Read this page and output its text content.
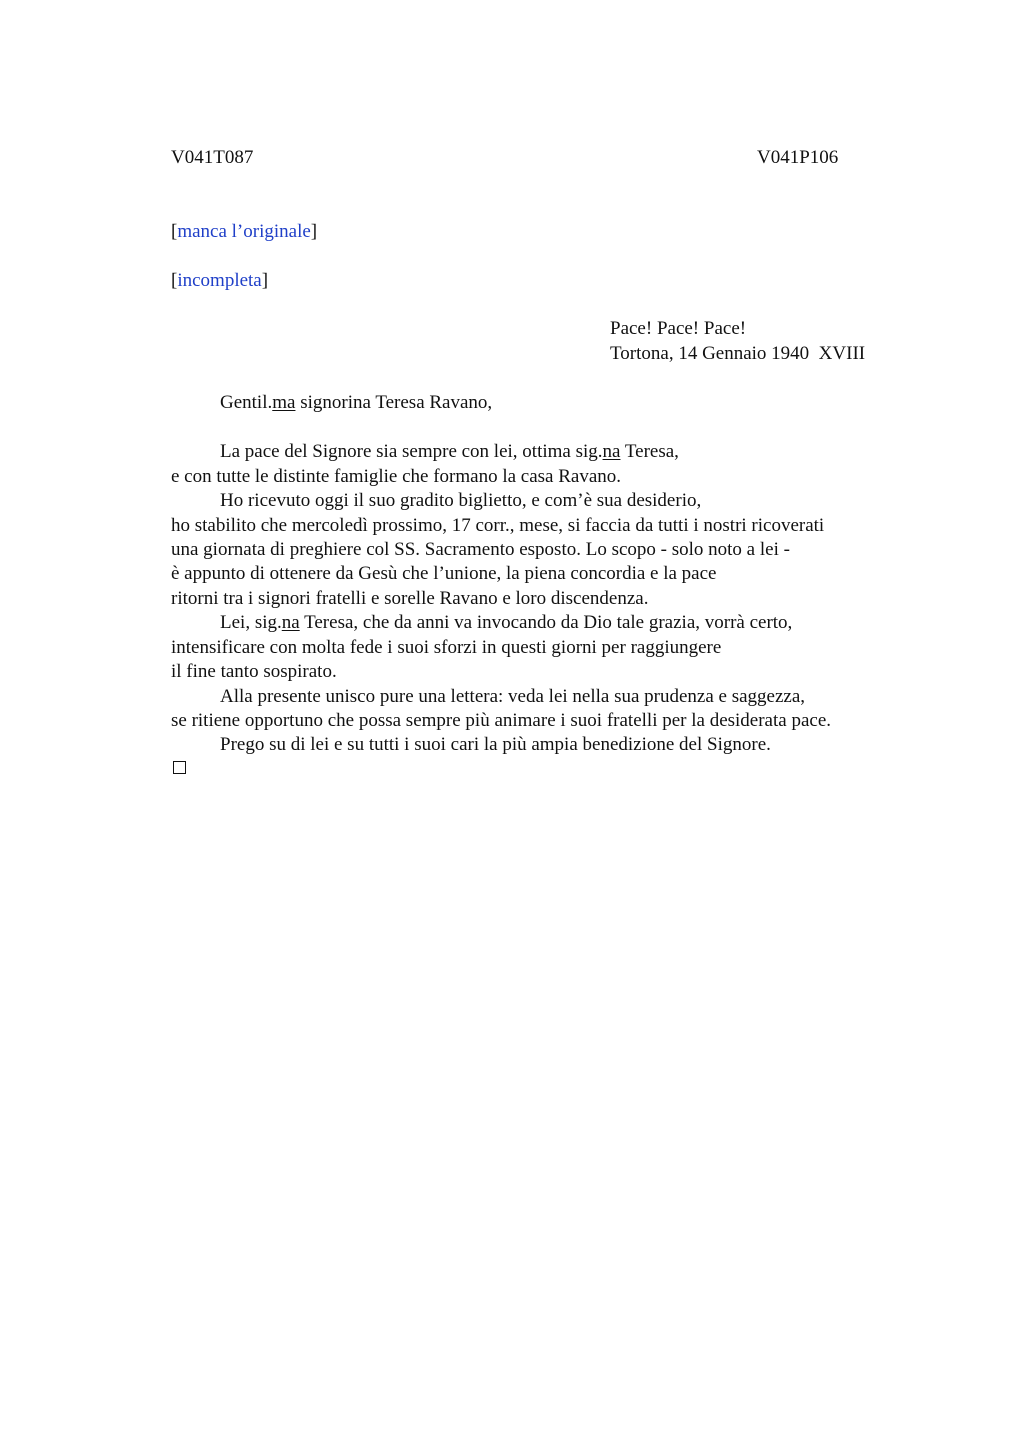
V041T087	V041P106
[manca l’originale]
[incompleta]
Pace! Pace! Pace!
Tortona, 14 Gennaio 1940  XVIII
Gentil.ma signorina Teresa Ravano,
La pace del Signore sia sempre con lei, ottima sig.na Teresa,
e con tutte le distinte famiglie che formano la casa Ravano.
Ho ricevuto oggi il suo gradito biglietto, e com’è sua desiderio,
ho stabilito che mercoledì prossimo, 17 corr., mese, si faccia da tutti i nostri ricoverati
una giornata di preghiere col SS. Sacramento esposto. Lo scopo - solo noto a lei -
è appunto di ottenere da Gesù che l’unione, la piena concordia e la pace
ritorni tra i signori fratelli e sorelle Ravano e loro discendenza.
Lei, sig.na Teresa, che da anni va invocando da Dio tale grazia, vorrà certo,
intensificare con molta fede i suoi sforzi in questi giorni per raggiungere
il fine tanto sospirato.
Alla presente unisco pure una lettera: veda lei nella sua prudenza e saggezza,
se ritiene opportuno che possa sempre più animare i suoi fratelli per la desiderata pace.
Prego su di lei e su tutti i suoi cari la più ampia benedizione del Signore.
